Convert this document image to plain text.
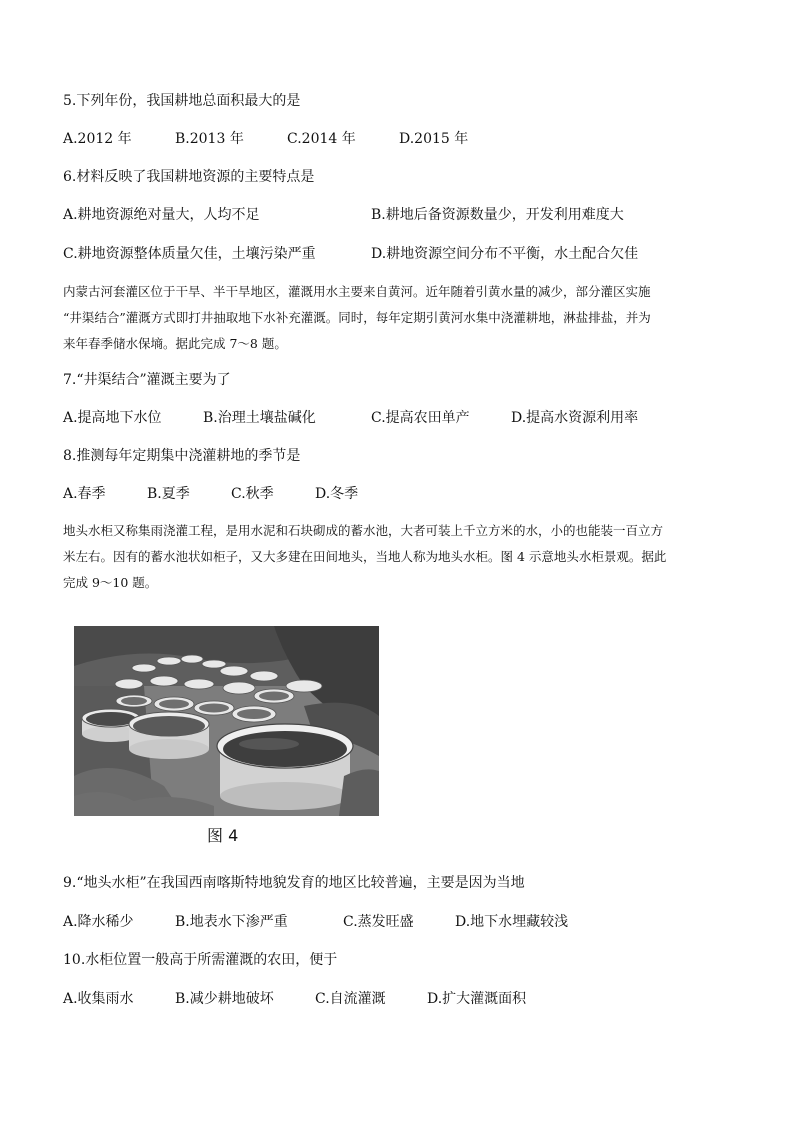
5.下列年份，我国耕地总面积最大的是
A.2012 年	B.2013 年	C.2014 年	D.2015 年
6.材料反映了我国耕地资源的主要特点是
A.耕地资源绝对量大，人均不足	B.耕地后备资源数量少，开发利用难度大
C.耕地资源整体质量欠佳，土壤污染严重	D.耕地资源空间分布不平衡，水土配合欠佳
内蒙古河套灌区位于干旱、半干旱地区，灌溉用水主要来自黄河。近年随着引黄水量的减少，部分灌区实施
“井渠结合”灌溉方式即打井抽取地下水补充灌溉。同时，每年定期引黄河水集中浇灌耕地，淋盐排盐，并为
来年春季储水保墒。据此完成 7～8 题。
7.“井渠结合”灌溉主要为了
A.提高地下水位	B.治理土壤盐碱化	C.提高农田单产	D.提高水资源利用率
8.推测每年定期集中浇灌耕地的季节是
A.春季	B.夏季	C.秋季	D.冬季
地头水柜又称集雨浇灌工程，是用水泥和石块砌成的蓄水池，大者可装上千立方米的水，小的也能装一百立方
米左右。因有的蓄水池状如柜子，又大多建在田间地头，当地人称为地头水柜。图 4 示意地头水柜景观。据此
完成 9～10 题。
图 4
9.“地头水柜”在我国西南喀斯特地貌发育的地区比较普遍，主要是因为当地
A.降水稀少	B.地表水下渗严重	C.蒸发旺盛	D.地下水埋藏较浅
10.水柜位置一般高于所需灌溉的农田，便于
A.收集雨水	B.减少耕地破坏	C.自流灌溉	D.扩大灌溉面积
